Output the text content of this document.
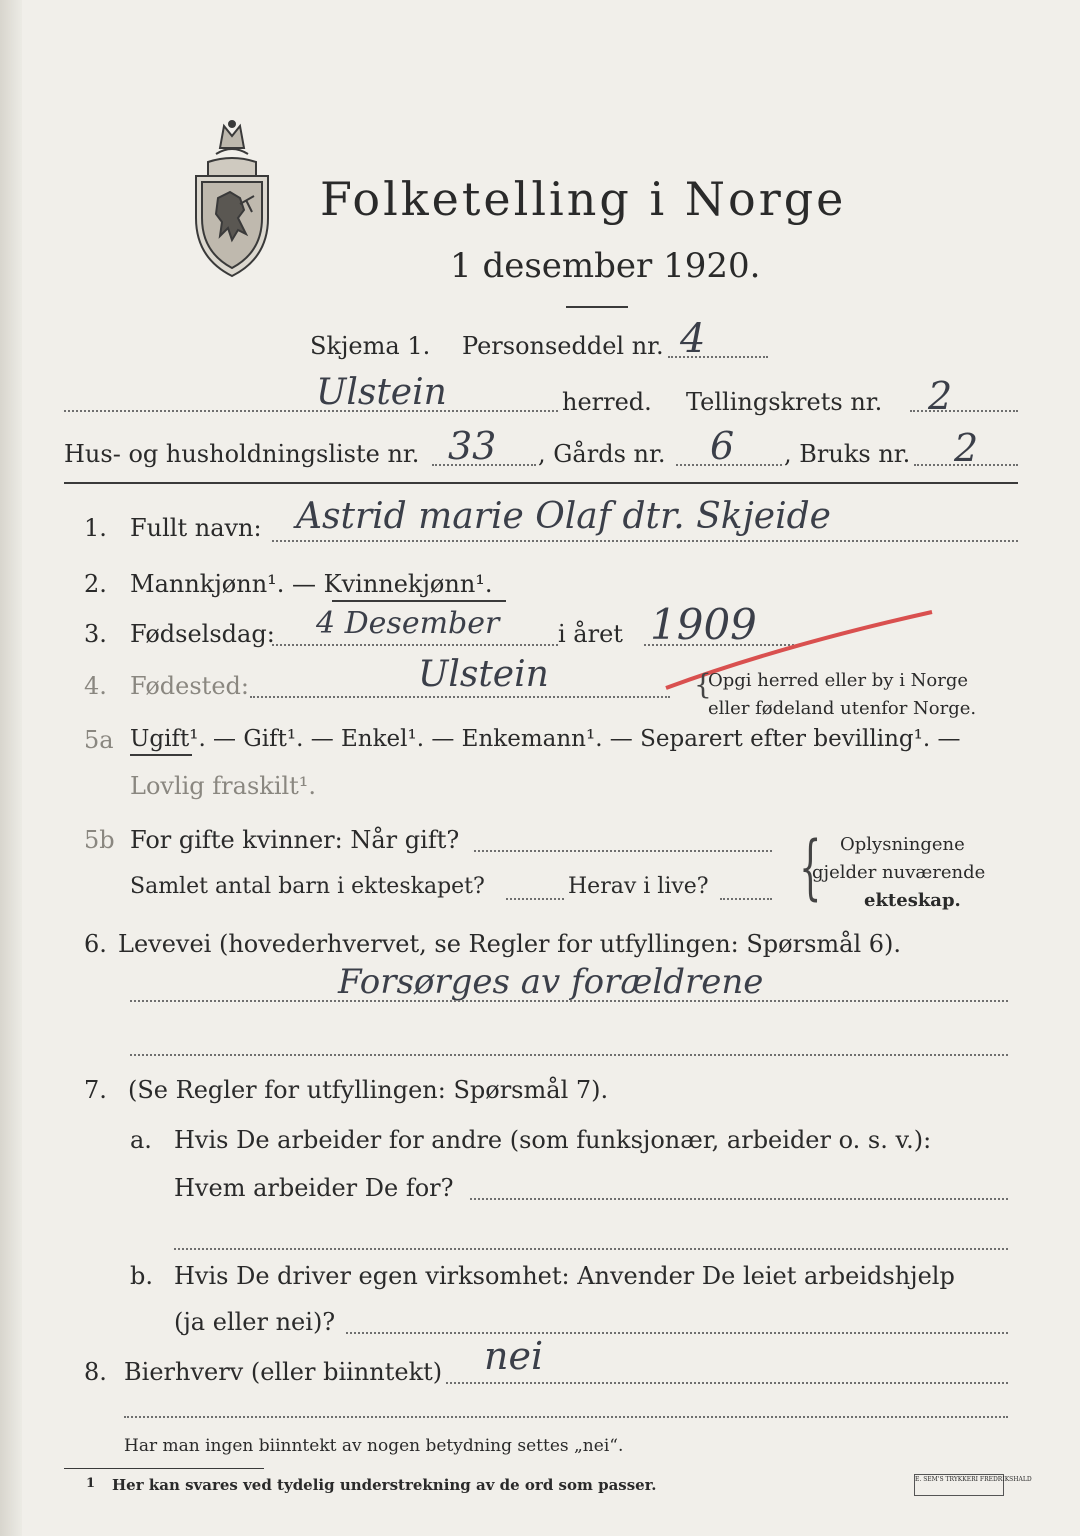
Folketelling i Norge
1 desember 1920.
Skjema 1. Personseddel nr. 4
Ulstein	herred. Tellingskrets nr. 2
Hus- og husholdningsliste nr. 33 , Gårds nr. 6 , Bruks nr. 2
1. Fullt navn: Astrid marie Olaf dtr. Skjeide
2. Mannkjønn¹. — Kvinnekjønn¹.
3. Fødselsdag: 4 Desember i året 1909
4. Fødested:	Ulstein	{
Opgi herred eller by i Norge
eller fødeland utenfor Norge.
5a Ugift¹. — Gift¹. — Enkel¹. — Enkemann¹. — Separert efter bevilling¹. —
Lovlig fraskilt¹.
5b For gifte kvinner: Når gift?
Samlet antal barn i ekteskapet?	Herav i live? { Oplysningene
gjelder nuværende
ekteskap.
6. Levevei (hovederhvervet, se Regler for utfyllingen: Spørsmål 6).
Forsørges av forældrene
7. (Se Regler for utfyllingen: Spørsmål 7).
a. Hvis De arbeider for andre (som funksjonær, arbeider o. s. v.):
Hvem arbeider De for?
b. Hvis De driver egen virksomhet: Anvender De leiet arbeidshjelp
(ja eller nei)?
8. Bierhverv (eller biinntekt) nei
Har man ingen biinntekt av nogen betydning settes „nei“.
1 Her kan svares ved tydelig understrekning av de ord som passer.	E. SEM'S TRYKKERI FREDRIKSHALD
